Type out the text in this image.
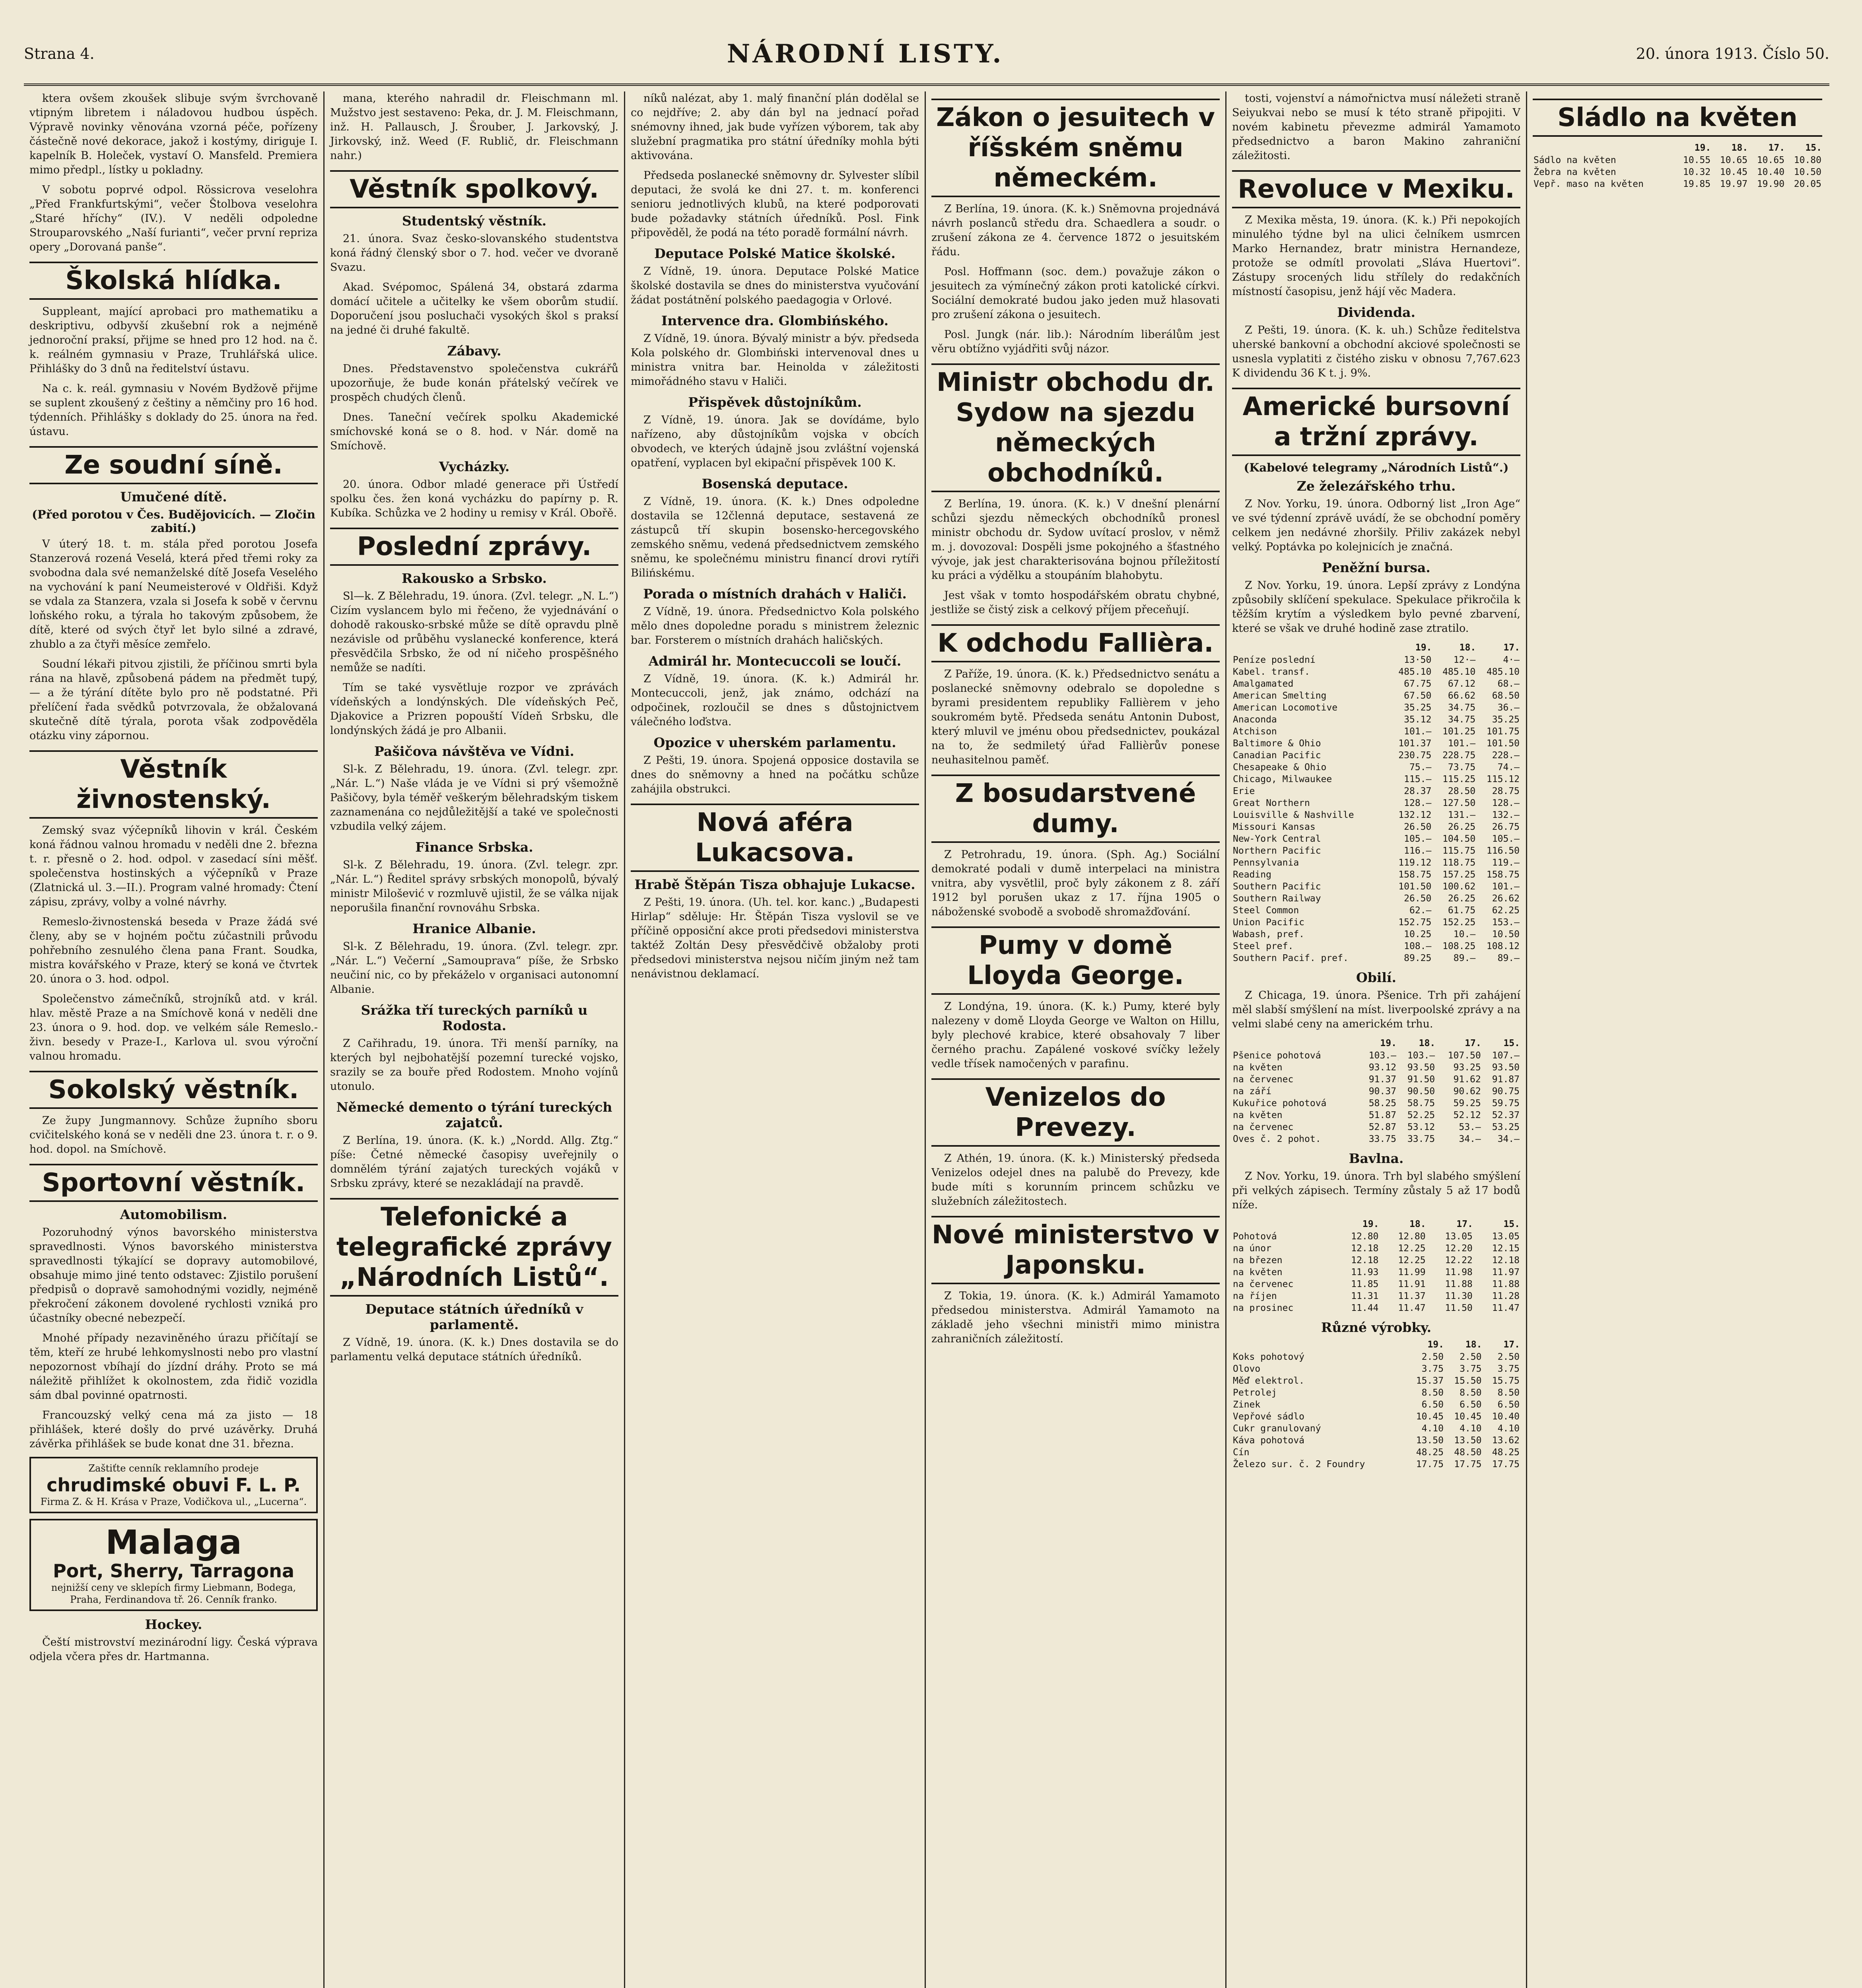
Strana 4.	NÁRODNÍ LISTY.	20. února 1913. Číslo 50.

ktera ovšem zkoušek slibuje svým švrchovaně vtipným libretem i náladovou hudbou úspěch. Výpravě novinky věnována vzorná péče, pořízeny částečně nové dekorace, jakož i kostýmy, diriguje I. kapelník B. Holeček, vystaví O. Mansfeld. Premiera mimo předpl., lístky u pokladny.

V sobotu poprvé odpol. Rössicrova veselohra „Před Frankfurtskými“, večer Štolbova veselohra „Staré hříchy“ (IV.). V neděli odpoledne Strouparovského „Naší furianti“, večer první repriza opery „Dorovaná panše“.

Školská hlídka.

Suppleant, mající aprobaci pro mathematiku a deskriptivu, odbyvší zkušební rok a nejméně jednoroční praksí, přijme se hned pro 12 hod. na č. k. reálném gymnasiu v Praze, Truhlářská ulice. Přihlášky do 3 dnů na ředitelství ústavu.

Na c. k. reál. gymnasiu v Novém Bydžově přijme se suplent zkoušený z češtiny a němčiny pro 16 hod. týdenních. Přihlášky s doklady do 25. února na řed. ústavu.

Ze soudní síně.
Umučené dítě.
(Před porotou v Čes. Budějovicích. — Zločin zabití.)

V úterý 18. t. m. stála před porotou Josefa Stanzerová rozená Veselá, která před třemi roky za svobodna dala své nemanželské dítě Josefa Veselého na vychování k paní Neumeisterové v Oldřiši. Když se vdala za Stanzera, vzala si Josefa k sobě v červnu loňského roku, a týrala ho takovým způsobem, že dítě, které od svých čtyř let bylo silné a zdravé, zhublo a za čtyři měsíce zemřelo.

Soudní lékaři pitvou zjistili, že příčinou smrti byla rána na hlavě, způsobená pádem na předmět tupý, — a že týrání dítěte bylo pro ně podstatné. Při přelíčení řada svědků potvrzovala, že obžalovaná skutečně dítě týrala, porota však zodpověděla otázku viny zápornou.

Věstník živnostenský.

Zemský svaz výčepníků lihovin v král. Českém koná řádnou valnou hromadu v neděli dne 2. března t. r. přesně o 2. hod. odpol. v zasedací síni měšť. společenstva hostinských a výčepníků v Praze (Zlatnická ul. 3.—II.). Program valné hromady: Čtení zápisu, zprávy, volby a volné návrhy.

Remeslo-živnostenská beseda v Praze žádá své členy, aby se v hojném počtu zúčastnili průvodu pohřebního zesnulého člena pana Frant. Soudka, mistra kovářského v Praze, který se koná ve čtvrtek 20. února o 3. hod. odpol.

Společenstvo zámečníků, strojníků atd. v král. hlav. městě Praze a na Smíchově koná v neděli dne 23. února o 9. hod. dop. ve velkém sále Remeslo.-živn. besedy v Praze-I., Karlova ul. svou výroční valnou hromadu.

Sokolský věstník.

Ze župy Jungmannovy. Schůze župního sboru cvičitelského koná se v neděli dne 23. února t. r. o 9. hod. dopol. na Smíchově.

Sportovní věstník.
Automobilism.

Pozoruhodný výnos bavorského ministerstva spravedlnosti. Výnos bavorského ministerstva spravedlnosti týkající se dopravy automobilové, obsahuje mimo jiné tento odstavec: Zjistilo porušení předpisů o dopravě samohodnými vozidly, nejméně překročení zákonem dovolené rychlosti vzniká pro účastníky obecné nebezpečí.

Mnohé případy nezaviněného úrazu přičítají se těm, kteří ze hrubé lehkomyslnosti nebo pro vlastní nepozornost vbíhají do jízdní dráhy. Proto se má náležitě přihlížet k okolnostem, zda řidič vozidla sám dbal povinné opatrnosti.

Francouzský velký cena má za jisto — 18 přihlášek, které došly do prvé uzávěrky. Druhá závěrka přihlášek se bude konat dne 31. března.

Zaštiťte cenník reklamního prodeje
chrudimské obuvi F. L. P.
Firma Z. & H. Krása v Praze, Vodičkova ul., „Lucerna“.
Malaga
Port, Sherry, Tarragona
nejnižší ceny ve sklepích firmy Liebmann, Bodega, Praha, Ferdinandova tř. 26. Cenník franko.
Hockey.

Čeští mistrovství mezinárodní ligy. Česká výprava odjela včera přes dr. Hartmanna.

mana, kterého nahradil dr. Fleischmann ml. Mužstvo jest sestaveno: Peka, dr. J. M. Fleischmann, inž. H. Pallausch, J. Šrouber, J. Jarkovský, J. Jirkovský, inž. Weed (F. Rublič, dr. Fleischmann nahr.)

Věstník spolkový.
Studentský věstník.

21. února. Svaz česko-slovanského studentstva koná řádný členský sbor o 7. hod. večer ve dvoraně Svazu.

Akad. Svépomoc, Spálená 34, obstará zdarma domácí učitele a učitelky ke všem oborům studií. Doporučení jsou posluchači vysokých škol s praksí na jedné či druhé fakultě.

Zábavy.

Dnes. Představenstvo společenstva cukrářů upozorňuje, že bude konán přátelský večírek ve prospěch chudých členů.

Dnes. Taneční večírek spolku Akademické smíchovské koná se o 8. hod. v Nár. domě na Smíchově.

Vycházky.

20. února. Odbor mladé generace při Ústředí spolku čes. žen koná vycházku do papírny p. R. Kubíka. Schůzka ve 2 hodiny u remisy v Král. Obořě.

Poslední zprávy.
Rakousko a Srbsko.

Sl—k. Z Bělehradu, 19. února. (Zvl. telegr. „N. L.“) Cizím vyslancem bylo mi řečeno, že vyjednávání o dohodě rakousko-srbské může se dítě opravdu plně nezávisle od průběhu vyslanecké konference, která přesvědčila Srbsko, že od ní ničeho prospěšného nemůže se nadíti.

Tím se také vysvětluje rozpor ve zprávách vídeňských a londýnských. Dle vídeňských Peč, Djakovice a Prizren popouští Vídeň Srbsku, dle londýnských žádá je pro Albanii.

Pašičova návštěva ve Vídni.

Sl-k. Z Bělehradu, 19. února. (Zvl. telegr. zpr. „Nár. L.“) Naše vláda je ve Vídni si prý všemožně Pašičovy, byla téměř veškerým bělehradským tiskem zaznamenána co nejdůležitější a také ve společnosti vzbudila velký zájem.

Finance Srbska.

Sl-k. Z Bělehradu, 19. února. (Zvl. telegr. zpr. „Nár. L.“) Ředitel správy srbských monopolů, bývalý ministr Milošević v rozmluvě ujistil, že se válka nijak neporušila finanční rovnováhu Srbska.

Hranice Albanie.

Sl-k. Z Bělehradu, 19. února. (Zvl. telegr. zpr. „Nár. L.“) Večerní „Samouprava“ píše, že Srbsko neučiní nic, co by překáželo v organisaci autonomní Albanie.

Srážka tří tureckých parníků u Rodosta.

Z Cařihradu, 19. února. Tři menší parníky, na kterých byl nejbohatější pozemní turecké vojsko, srazily se za bouře před Rodostem. Mnoho vojínů utonulo.

Německé demento o týrání tureckých zajatců.

Z Berlína, 19. února. (K. k.) „Nordd. Allg. Ztg.“ píše: Četné německé časopisy uveřejnily o domnělém týrání zajatých tureckých vojáků v Srbsku zprávy, které se nezakládají na pravdě.

Telefonické a telegrafické zprávy „Národních Listů“.
Deputace státních úředníků v parlamentě.

Z Vídně, 19. února. (K. k.) Dnes dostavila se do parlamentu velká deputace státních úředníků.

níků nalézat, aby 1. malý finanční plán dodělal se co nejdříve; 2. aby dán byl na jednací pořad snémovny ihned, jak bude vyřízen výborem, tak aby služební pragmatika pro státní úředníky mohla býti aktivována.

Předseda poslanecké sněmovny dr. Sylvester slíbil deputaci, že svolá ke dni 27. t. m. konferenci senioru jednotlivých klubů, na které podporovati bude požadavky státních úředníků. Posl. Fink připověděl, že podá na této poradě formální návrh.

Deputace Polské Matice školské.

Z Vídně, 19. února. Deputace Polské Matice školské dostavila se dnes do ministerstva vyučování žádat postátnění polského paedagogia v Orlové.

Intervence dra. Glombińského.

Z Vídně, 19. února. Bývalý ministr a býv. předseda Kola polského dr. Glombiński intervenoval dnes u ministra vnitra bar. Heinolda v záležitosti mimořádného stavu v Haliči.

Přispěvek důstojníkům.

Z Vídně, 19. února. Jak se dovídáme, bylo nařízeno, aby důstojníkům vojska v obcích obvodech, ve kterých údajně jsou zvláštní vojenská opatření, vyplacen byl ekipační přispěvek 100 K.

Bosenská deputace.

Z Vídně, 19. února. (K. k.) Dnes odpoledne dostavila se 12členná deputace, sestavená ze zástupců tří skupin bosensko-hercegovského zemského sněmu, vedená předsednictvem zemského sněmu, ke společnému ministru financí drovi rytíři Bilińskému.

Porada o místních drahách v Haliči.

Z Vídně, 19. února. Předsednictvo Kola polského mělo dnes dopoledne poradu s ministrem železnic bar. Forsterem o místních drahách haličských.

Admirál hr. Montecuccoli se loučí.

Z Vídně, 19. února. (K. k.) Admirál hr. Montecuccoli, jenž, jak známo, odchází na odpočinek, rozloučil se dnes s důstojnictvem válečného loďstva.

Opozice v uherském parlamentu.

Z Pešti, 19. února. Spojená opposice dostavila se dnes do sněmovny a hned na počátku schůze zahájila obstrukci.

Nová aféra Lukacsova.
Hrabě Štěpán Tisza obhajuje Lukacse.

Z Pešti, 19. února. (Uh. tel. kor. kanc.) „Budapesti Hirlap“ sděluje: Hr. Štěpán Tisza vyslovil se ve příčině opposiční akce proti předsedovi ministerstva taktéž Zoltán Desy přesvědčivě obžaloby proti předsedovi ministerstva nejsou ničím jiným než tam nenávistnou deklamací.

Zákon o jesuitech v říšském sněmu německém.

Z Berlína, 19. února. (K. k.) Sněmovna projednává návrh poslanců středu dra. Schaedlera a soudr. o zrušení zákona ze 4. července 1872 o jesuitském řádu.

Posl. Hoffmann (soc. dem.) považuje zákon o jesuitech za výmínečný zákon proti katolické církvi. Sociální demokraté budou jako jeden muž hlasovati pro zrušení zákona o jesuitech.

Posl. Jungk (nár. lib.): Národním liberálům jest věru obtížno vyjádřiti svůj názor.

Ministr obchodu dr. Sydow na sjezdu německých obchodníků.

Z Berlína, 19. února. (K. k.) V dnešní plenární schůzi sjezdu německých obchodníků pronesl ministr obchodu dr. Sydow uvítací proslov, v němž m. j. dovozoval: Dospěli jsme pokojného a šťastného vývoje, jak jest charakterisována bojnou příležitostí ku práci a výdělku a stoupáním blahobytu.

Jest však v tomto hospodářském obratu chybné, jestliže se čistý zisk a celkový příjem přeceňují.

K odchodu Fallièra.

Z Paříže, 19. února. (K. k.) Předsednictvo senátu a poslanecké sněmovny odebralo se dopoledne s byrami presidentem republiky Fallièrem v jeho soukromém bytě. Předseda senátu Antonin Dubost, který mluvil ve jménu obou předsednictev, poukázal na to, že sedmiletý úřad Fallièrův ponese neuhasitelnou paměť.

Z bosudarstvené dumy.

Z Petrohradu, 19. února. (Sph. Ag.) Sociální demokraté podali v dumě interpelaci na ministra vnitra, aby vysvětlil, proč byly zákonem z 8. září 1912 byl porušen ukaz z 17. října 1905 o náboženské svobodě a svobodě shromažďování.

Pumy v domě Lloyda George.

Z Londýna, 19. února. (K. k.) Pumy, které byly nalezeny v domě Lloyda George ve Walton on Hillu, byly plechové krabice, které obsahovaly 7 liber černého prachu. Zapálené voskové svíčky ležely vedle třísek namočených v parafinu.

Venizelos do Prevezy.

Z Athén, 19. února. (K. k.) Ministerský předseda Venizelos odejel dnes na palubě do Prevezy, kde bude míti s korunním princem schůzku ve služebních záležitostech.

Nové ministerstvo v Japonsku.

Z Tokia, 19. února. (K. k.) Admirál Yamamoto předsedou ministerstva. Admirál Yamamoto na základě jeho všechni ministři mimo ministra zahraničních záležitostí.

tosti, vojenství a námořnictva musí náležeti straně Seiyukvai nebo se musí k této straně připojiti. V novém kabinetu převezme admirál Yamamoto předsednictvo a baron Makino zahraniční záležitosti.

Revoluce v Mexiku.

Z Mexika města, 19. února. (K. k.) Při nepokojích minulého týdne byl na ulici čelníkem usmrcen Marko Hernandez, bratr ministra Hernandeze, protože se odmítl provolati „Sláva Huertovi“. Zástupy srocených lidu střílely do redakčních místností časopisu, jenž hájí věc Madera.

Dividenda.

Z Pešti, 19. února. (K. k. uh.) Schůze ředitelstva uherské bankovní a obchodní akciové společnosti se usnesla vyplatiti z čistého zisku v obnosu 7,767.623 K dividendu 36 K t. j. 9%.

Americké bursovní a tržní zprávy.
(Kabelové telegramy „Národních Listů“.)
Ze železářského trhu.

Z Nov. Yorku, 19. února. Odborný list „Iron Age“ ve své týdenní zprávě uvádí, že se obchodní poměry celkem jen nedávné zhoršily. Přiliv zakázek nebyl velký. Poptávka po kolejnicích je značná.

Peněžní bursa.

Z Nov. Yorku, 19. února. Lepší zprávy z Londýna způsobily sklíčení spekulace. Spekulace přikročila k těžším krytím a výsledkem bylo pevné zbarvení, které se však ve druhé hodině zase ztratilo.

	19.	18.	17.
Peníze poslední	13·50	12·—	4·—
Kabel. transf.	485.10	485.10	485.10
Amalgamated	67.75	67.12	68.—
American Smelting	67.50	66.62	68.50
American Locomotive	35.25	34.75	36.—
Anaconda	35.12	34.75	35.25
Atchison	101.—	101.25	101.75
Baltimore & Ohio	101.37	101.—	101.50
Canadian Pacific	230.75	228.75	228.—
Chesapeake & Ohio	75.—	73.75	74.—
Chicago, Milwaukee	115.—	115.25	115.12
Erie	28.37	28.50	28.75
Great Northern	128.—	127.50	128.—
Louisville & Nashville	132.12	131.—	132.—
Missouri Kansas	26.50	26.25	26.75
New-York Central	105.—	104.50	105.—
Northern Pacific	116.—	115.75	116.50
Pennsylvania	119.12	118.75	119.—
Reading	158.75	157.25	158.75
Southern Pacific	101.50	100.62	101.—
Southern Railway	26.50	26.25	26.62
Steel Common	62.—	61.75	62.25
Union Pacific	152.75	152.25	153.—
Wabash, pref.	10.25	10.—	10.50
Steel pref.	108.—	108.25	108.12
Southern Pacif. pref.	89.25	89.—	89.—
Obilí.

Z Chicaga, 19. února. Pšenice. Trh při zahájení měl slabší smýšlení na míst. liverpoolské zprávy a na velmi slabé ceny na americkém trhu.

	19.	18.	17.	15.
Pšenice pohotová	103.—	103.—	107.50	107.—
na květen	93.12	93.50	93.25	93.50
na červenec	91.37	91.50	91.62	91.87
na září	90.37	90.50	90.62	90.75
Kukuřice pohotová	58.25	58.75	59.25	59.75
na květen	51.87	52.25	52.12	52.37
na červenec	52.87	53.12	53.—	53.25
Oves č. 2 pohot.	33.75	33.75	34.—	34.—
Bavlna.

Z Nov. Yorku, 19. února. Trh byl slabého smýšlení při velkých zápisech. Termíny zůstaly 5 až 17 bodů níže.

	19.	18.	17.	15.
Pohotová	12.80	12.80	13.05	13.05
na únor	12.18	12.25	12.20	12.15
na březen	12.18	12.25	12.22	12.18
na květen	11.93	11.99	11.98	11.97
na červenec	11.85	11.91	11.88	11.88
na říjen	11.31	11.37	11.30	11.28
na prosinec	11.44	11.47	11.50	11.47
Různé výrobky.
	19.	18.	17.
Koks pohotový	2.50	2.50	2.50
Olovo	3.75	3.75	3.75
Měď elektrol.	15.37	15.50	15.75
Petrolej	8.50	8.50	8.50
Zinek	6.50	6.50	6.50
Vepřové sádlo	10.45	10.45	10.40
Cukr granulovaný	4.10	4.10	4.10
Káva pohotová	13.50	13.50	13.62
Cín	48.25	48.50	48.25
Železo sur. č. 2 Foundry	17.75	17.75	17.75
Sládlo na květen
	19.	18.	17.	15.
Sádlo na květen	10.55	10.65	10.65	10.80
Žebra na květen	10.32	10.45	10.40	10.50
Vepř. maso na květen	19.85	19.97	19.90	20.05
